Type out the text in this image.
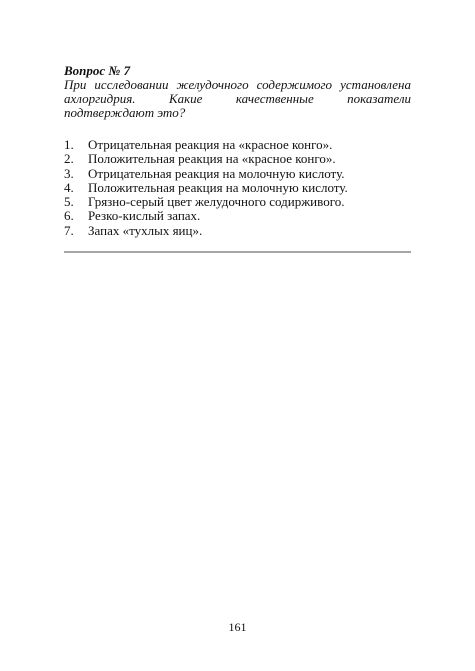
Вопрос № 7

При исследовании желудочного содержимого установлена ахлоргидрия. Какие качественные показатели подтверждают это?

1.	Отрицательная реакция на «красное конго».
2.	Положительная реакция на «красное конго».
3.	Отрицательная реакция на молочную кислоту.
4.	Положительная реакция на молочную кислоту.
5.	Грязно-серый цвет желудочного содирживого.
6.	Резко-кислый запах.
7.	Запах «тухлых яиц».
161
